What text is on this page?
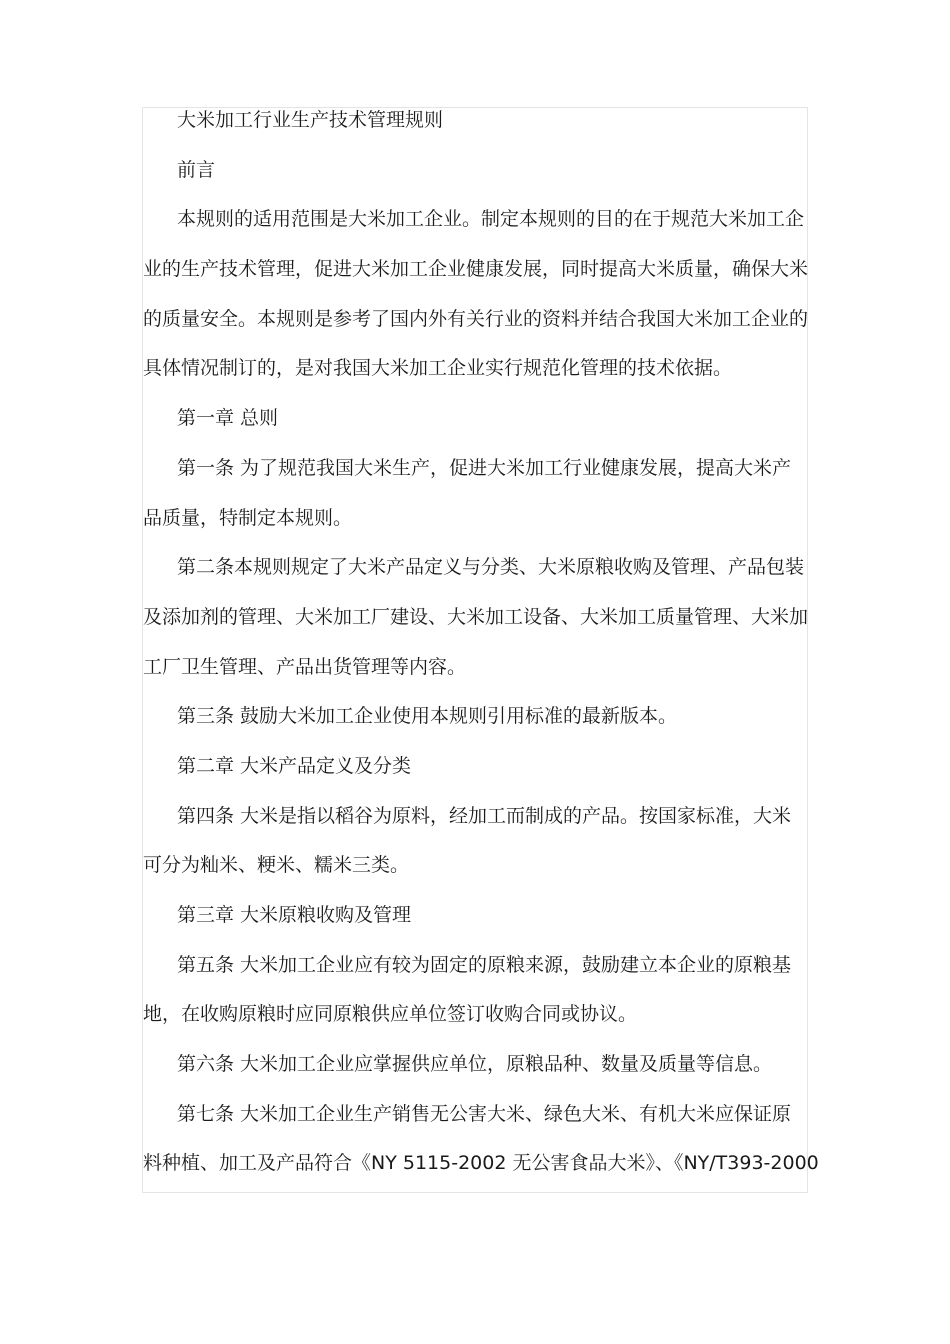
大米加工行业生产技术管理规则

前言

本规则的适用范围是大米加工企业。制定本规则的目的在于规范大米加工企

业的生产技术管理，促进大米加工企业健康发展，同时提高大米质量，确保大米

的质量安全。本规则是参考了国内外有关行业的资料并结合我国大米加工企业的

具体情况制订的，是对我国大米加工企业实行规范化管理的技术依据。

第一章 总则

第一条 为了规范我国大米生产，促进大米加工行业健康发展，提高大米产

品质量，特制定本规则。

第二条本规则规定了大米产品定义与分类、大米原粮收购及管理、产品包装

及添加剂的管理、大米加工厂建设、大米加工设备、大米加工质量管理、大米加

工厂卫生管理、产品出货管理等内容。

第三条 鼓励大米加工企业使用本规则引用标准的最新版本。

第二章 大米产品定义及分类

第四条 大米是指以稻谷为原料，经加工而制成的产品。按国家标准，大米

可分为籼米、粳米、糯米三类。

第三章 大米原粮收购及管理

第五条 大米加工企业应有较为固定的原粮来源，鼓励建立本企业的原粮基

地，在收购原粮时应同原粮供应单位签订收购合同或协议。

第六条 大米加工企业应掌握供应单位，原粮品种、数量及质量等信息。

第七条 大米加工企业生产销售无公害大米、绿色大米、有机大米应保证原

料种植、加工及产品符合《NY 5115-2002 无公害食品大米》、《NY/T393-2000
